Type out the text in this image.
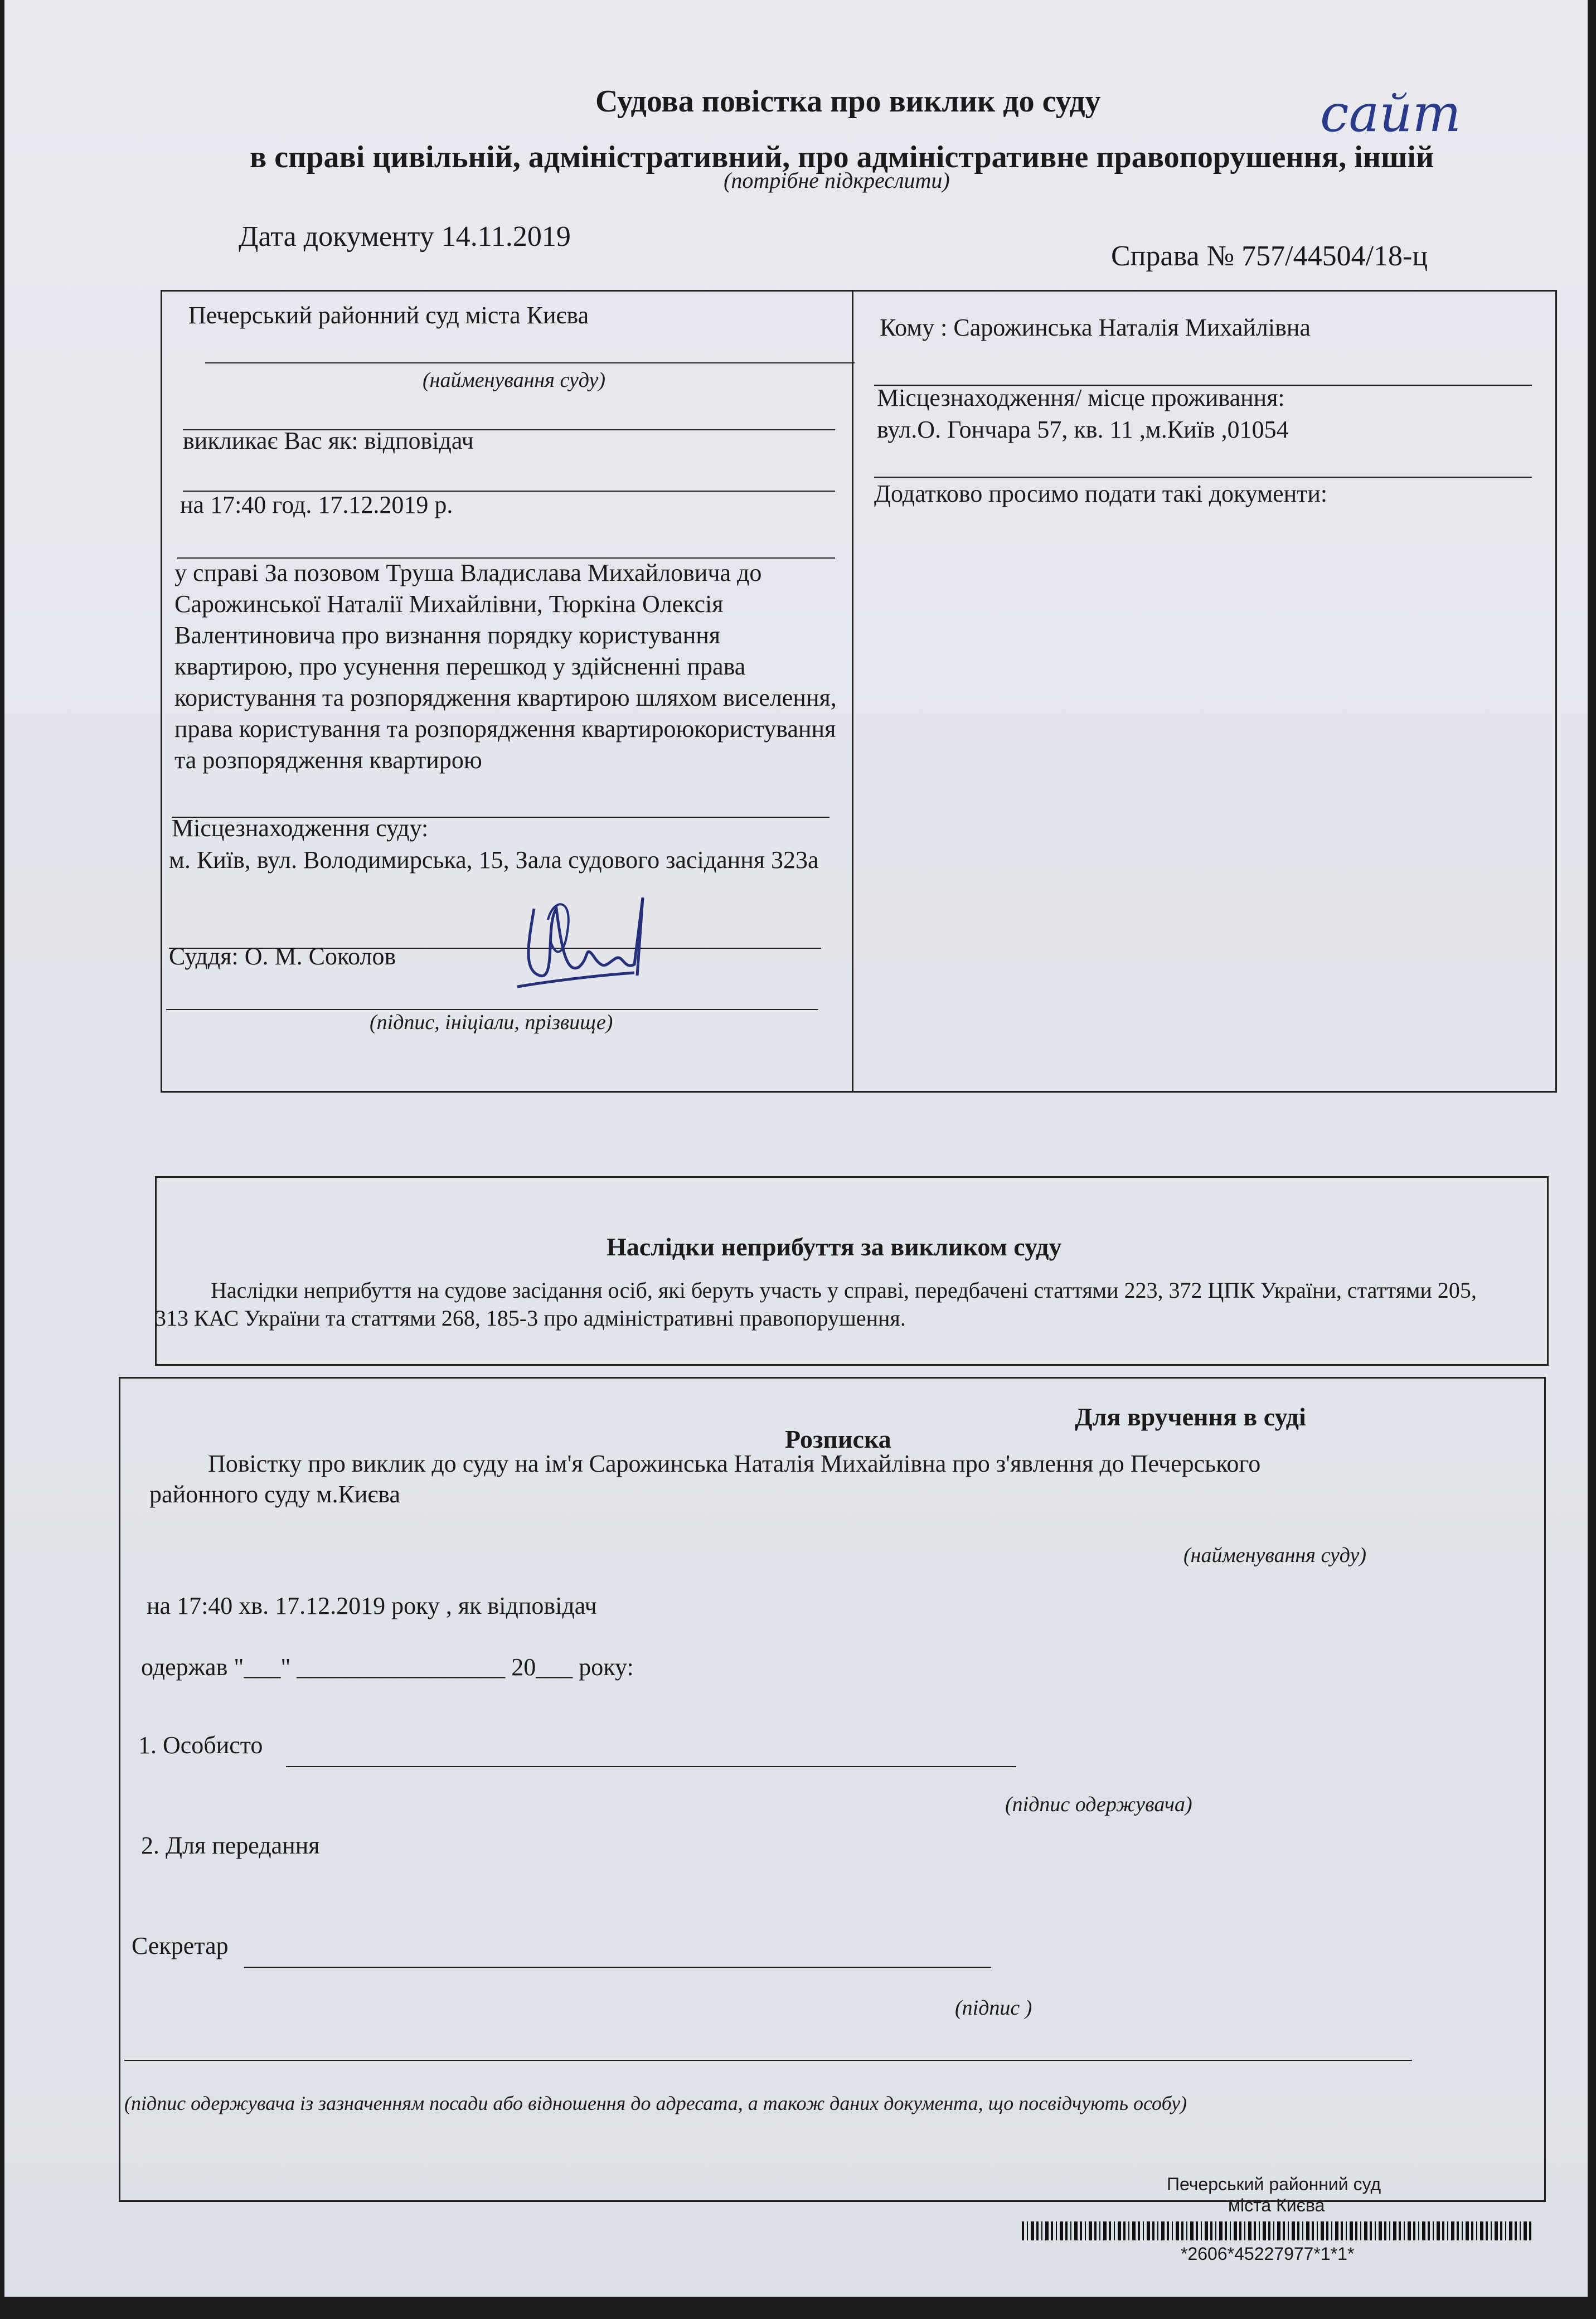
Судова повістка про виклик до суду
в справі цивільній, адміністративний, про адміністративне правопорушення, іншій
(потрібне підкреслити)
сайт
Дата документу 14.11.2019
Справа № 757/44504/18-ц
Печерський районний суд міста Києва
(найменування суду)
викликає Вас як: відповідач
на 17:40 год. 17.12.2019 р.
у справі За позовом Труша Владислава Михайловича до Сарожинської Наталії Михайлівни, Тюркіна Олексія Валентиновича про визнання порядку користування квартирою, про усунення перешкод у здійсненні права користування та розпорядження квартирою шляхом виселення, права користування та розпорядження квартироюкористування та розпорядження квартирою
Місцезнаходження суду:
м. Київ, вул. Володимирська, 15, Зала судового засідання 323а
Суддя: О. М. Соколов
(підпис, ініціали, прізвище)
Кому : Сарожинська Наталія Михайлівна
Місцезнаходження/ місце проживання:
вул.О. Гончара 57, кв. 11 ,м.Київ ,01054
Додатково просимо подати такі документи:
Наслідки неприбуття за викликом суду
Наслідки неприбуття на судове засідання осіб, які беруть участь у справі, передбачені статтями 223, 372 ЦПК України, статтями 205, 313 КАС України та статтями 268, 185-3 про адміністративні правопорушення.
Для вручення в суді
Розписка
Повістку про виклик до суду на ім'я Сарожинська Наталія Михайлівна про з'явлення до Печерського
районного суду м.Києва
(найменування суду)
на 17:40 хв. 17.12.2019 року , як відповідач
одержав "___" _________________ 20___ року:
1. Особисто
(підпис одержувача)
2. Для передання
Секретар
(підпис )
(підпис одержувача із зазначенням посади або відношення до адресата, а також даних документа, що посвідчують особу)
Печерський районний суд
міста Києва
*2606*45227977*1*1*
